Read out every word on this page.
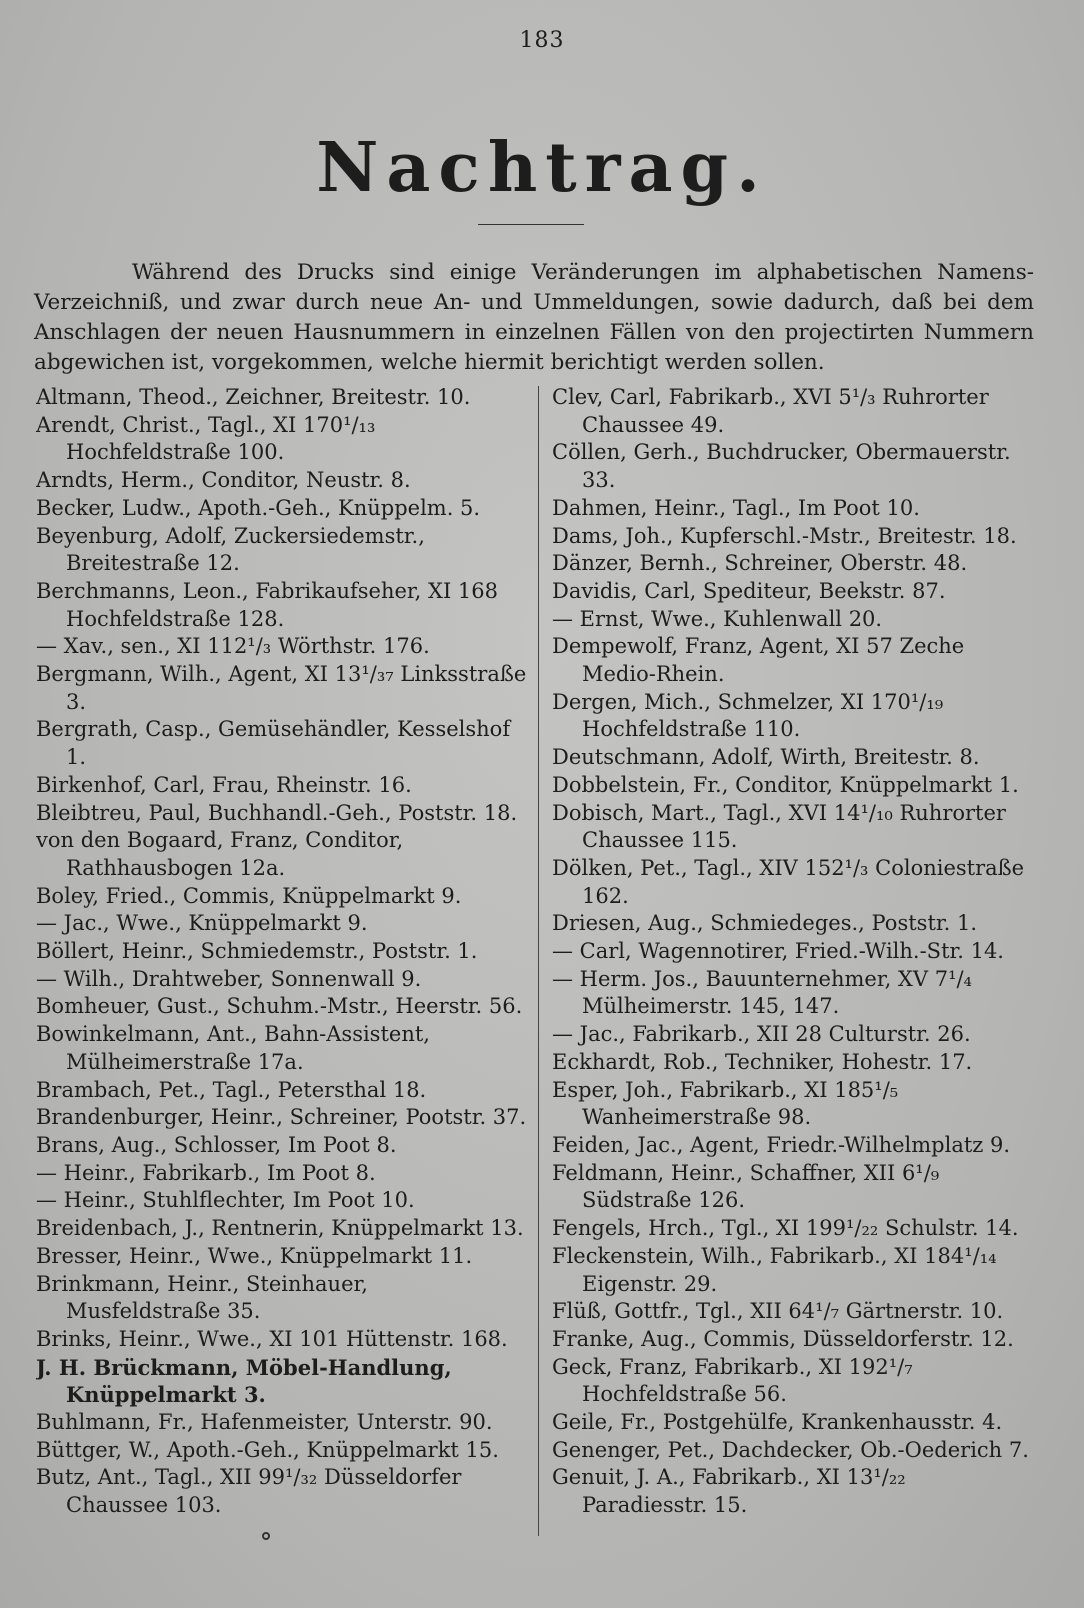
183
Nachtrag.

Während des Drucks sind einige Veränderungen im alphabetischen Namens-Verzeichniß, und zwar durch neue An- und Ummeldungen, sowie dadurch, daß bei dem Anschlagen der neuen Hausnummern in einzelnen Fällen von den projectirten Nummern abgewichen ist, vorgekommen, welche hiermit berichtigt werden sollen.

Altmann, Theod., Zeichner, Breitestr. 10.
Arendt, Christ., Tagl., XI 170¹/₁₃ Hochfeldstraße 100.
Arndts, Herm., Conditor, Neustr. 8.
Becker, Ludw., Apoth.-Geh., Knüppelm. 5.
Beyenburg, Adolf, Zuckersiedemstr., Breitestraße 12.
Berchmanns, Leon., Fabrikaufseher, XI 168 Hochfeldstraße 128.
— Xav., sen., XI 112¹/₃ Wörthstr. 176.
Bergmann, Wilh., Agent, XI 13¹/₃₇ Linksstraße 3.
Bergrath, Casp., Gemüsehändler, Kesselshof 1.
Birkenhof, Carl, Frau, Rheinstr. 16.
Bleibtreu, Paul, Buchhandl.-Geh., Poststr. 18.
von den Bogaard, Franz, Conditor, Rathhausbogen 12a.
Boley, Fried., Commis, Knüppelmarkt 9.
— Jac., Wwe., Knüppelmarkt 9.
Böllert, Heinr., Schmiedemstr., Poststr. 1.
— Wilh., Drahtweber, Sonnenwall 9.
Bomheuer, Gust., Schuhm.-Mstr., Heerstr. 56.
Bowinkelmann, Ant., Bahn-Assistent, Mülheimerstraße 17a.
Brambach, Pet., Tagl., Petersthal 18.
Brandenburger, Heinr., Schreiner, Pootstr. 37.
Brans, Aug., Schlosser, Im Poot 8.
— Heinr., Fabrikarb., Im Poot 8.
— Heinr., Stuhlflechter, Im Poot 10.
Breidenbach, J., Rentnerin, Knüppelmarkt 13.
Bresser, Heinr., Wwe., Knüppelmarkt 11.
Brinkmann, Heinr., Steinhauer, Musfeldstraße 35.
Brinks, Heinr., Wwe., XI 101 Hüttenstr. 168.
J. H. Brückmann, Möbel-Handlung, Knüppelmarkt 3.
Buhlmann, Fr., Hafenmeister, Unterstr. 90.
Büttger, W., Apoth.-Geh., Knüppelmarkt 15.
Butz, Ant., Tagl., XII 99¹/₃₂ Düsseldorfer Chaussee 103.
Clev, Carl, Fabrikarb., XVI 5¹/₃ Ruhrorter Chaussee 49.
Cöllen, Gerh., Buchdrucker, Obermauerstr. 33.
Dahmen, Heinr., Tagl., Im Poot 10.
Dams, Joh., Kupferschl.-Mstr., Breitestr. 18.
Dänzer, Bernh., Schreiner, Oberstr. 48.
Davidis, Carl, Spediteur, Beekstr. 87.
— Ernst, Wwe., Kuhlenwall 20.
Dempewolf, Franz, Agent, XI 57 Zeche Medio-Rhein.
Dergen, Mich., Schmelzer, XI 170¹/₁₉ Hochfeldstraße 110.
Deutschmann, Adolf, Wirth, Breitestr. 8.
Dobbelstein, Fr., Conditor, Knüppelmarkt 1.
Dobisch, Mart., Tagl., XVI 14¹/₁₀ Ruhrorter Chaussee 115.
Dölken, Pet., Tagl., XIV 152¹/₃ Coloniestraße 162.
Driesen, Aug., Schmiedeges., Poststr. 1.
— Carl, Wagennotirer, Fried.-Wilh.-Str. 14.
— Herm. Jos., Bauunternehmer, XV 7¹/₄ Mülheimerstr. 145, 147.
— Jac., Fabrikarb., XII 28 Culturstr. 26.
Eckhardt, Rob., Techniker, Hohestr. 17.
Esper, Joh., Fabrikarb., XI 185¹/₅ Wanheimerstraße 98.
Feiden, Jac., Agent, Friedr.-Wilhelmplatz 9.
Feldmann, Heinr., Schaffner, XII 6¹/₉ Südstraße 126.
Fengels, Hrch., Tgl., XI 199¹/₂₂ Schulstr. 14.
Fleckenstein, Wilh., Fabrikarb., XI 184¹/₁₄ Eigenstr. 29.
Flüß, Gottfr., Tgl., XII 64¹/₇ Gärtnerstr. 10.
Franke, Aug., Commis, Düsseldorferstr. 12.
Geck, Franz, Fabrikarb., XI 192¹/₇ Hochfeldstraße 56.
Geile, Fr., Postgehülfe, Krankenhausstr. 4.
Genenger, Pet., Dachdecker, Ob.-Oederich 7.
Genuit, J. A., Fabrikarb., XI 13¹/₂₂ Paradiesstr. 15.
